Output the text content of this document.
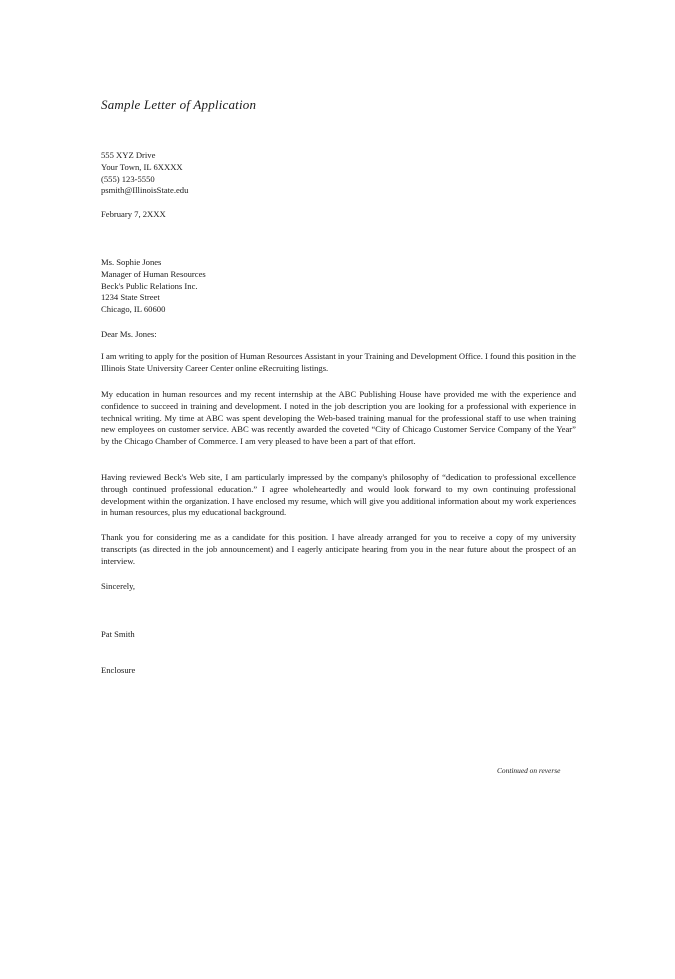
Sample Letter of Application
555 XYZ Drive
Your Town, IL 6XXXX
(555) 123-5550
psmith@IllinoisState.edu
February 7, 2XXX
Ms. Sophie Jones
Manager of Human Resources
Beck's Public Relations Inc.
1234 State Street
Chicago, IL 60600
Dear Ms. Jones:
I am writing to apply for the position of Human Resources Assistant in your Training and Development Office. I found this position in the Illinois State University Career Center online eRecruiting listings.
My education in human resources and my recent internship at the ABC Publishing House have provided me with the experience and confidence to succeed in training and development. I noted in the job description you are looking for a professional with experience in technical writing. My time at ABC was spent developing the Web-based training manual for the professional staff to use when training new employees on customer service. ABC was recently awarded the coveted “City of Chicago Customer Service Company of the Year” by the Chicago Chamber of Commerce. I am very pleased to have been a part of that effort.
Having reviewed Beck's Web site, I am particularly impressed by the company's philosophy of “dedication to professional excellence through continued professional education.” I agree wholeheartedly and would look forward to my own continuing professional development within the organization. I have enclosed my resume, which will give you additional information about my work experiences in human resources, plus my educational background.
Thank you for considering me as a candidate for this position. I have already arranged for you to receive a copy of my university transcripts (as directed in the job announcement) and I eagerly anticipate hearing from you in the near future about the prospect of an interview.
Sincerely,
Pat Smith
Enclosure
Continued on reverse
